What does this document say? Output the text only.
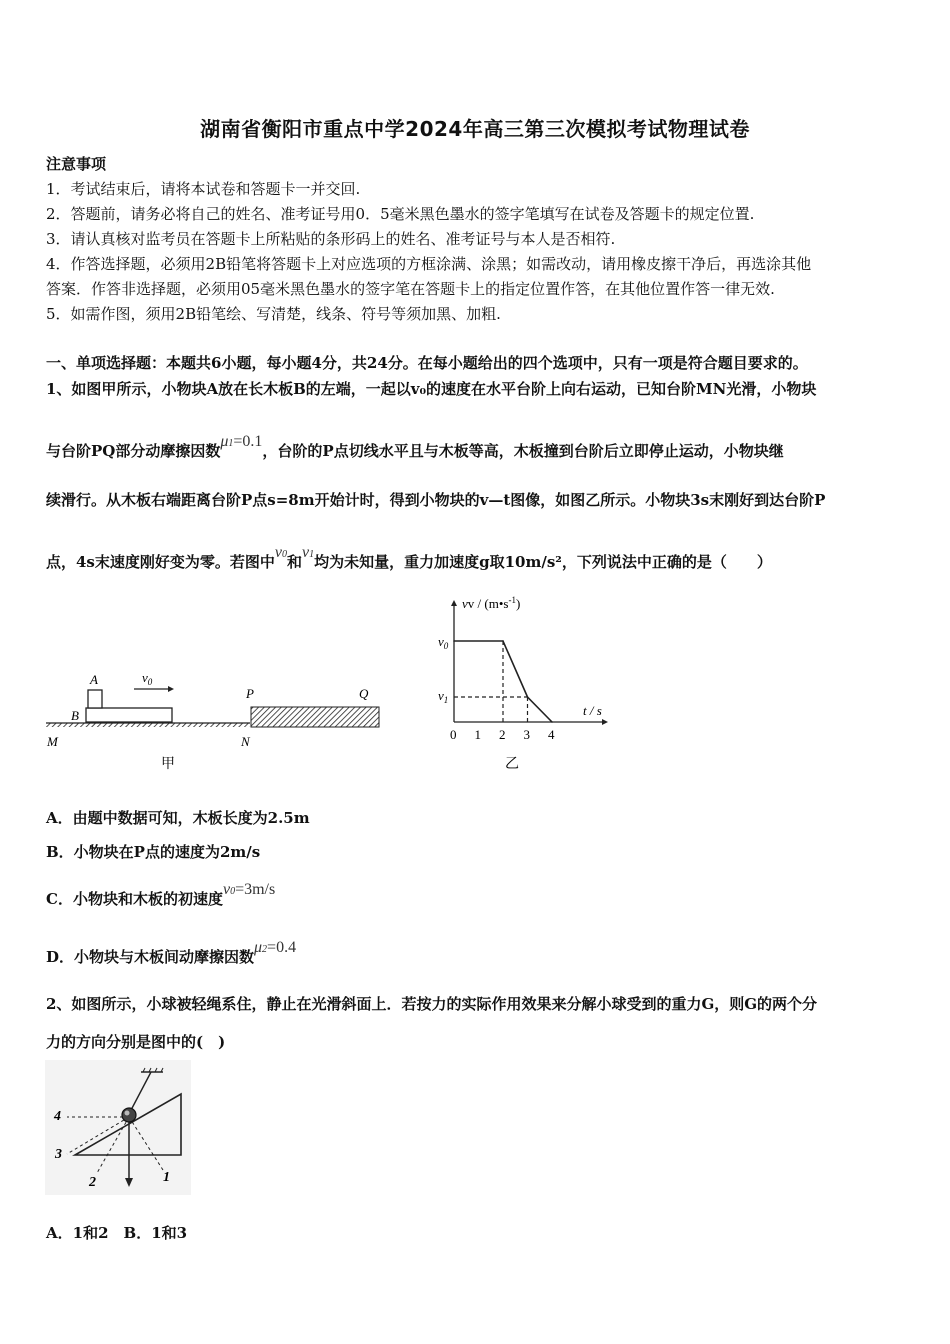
湖南省衡阳市重点中学2024年高三第三次模拟考试物理试卷
注意事项
1．考试结束后，请将本试卷和答题卡一并交回.
2．答题前，请务必将自己的姓名、准考证号用0．5毫米黑色墨水的签字笔填写在试卷及答题卡的规定位置.
3．请认真核对监考员在答题卡上所粘贴的条形码上的姓名、准考证号与本人是否相符.
4．作答选择题，必须用2B铅笔将答题卡上对应选项的方框涂满、涂黑；如需改动，请用橡皮擦干净后，再选涂其他
答案．作答非选择题，必须用05毫米黑色墨水的签字笔在答题卡上的指定位置作答，在其他位置作答一律无效.
5．如需作图，须用2B铅笔绘、写清楚，线条、符号等须加黑、加粗.
一、单项选择题：本题共6小题，每小题4分，共24分。在每小题给出的四个选项中，只有一项是符合题目要求的。
1、如图甲所示，小物块A放在长木板B的左端，一起以v₀的速度在水平台阶上向右运动，已知台阶MN光滑，小物块
与台阶PQ部分动摩擦因数μ1=0.1，台阶的P点切线水平且与木板等高，木板撞到台阶后立即停止运动，小物块继
续滑行。从木板右端距离台阶P点s=8m开始计时，得到小物块的v—t图像，如图乙所示。小物块3s末刚好到达台阶P
点，4s末速度刚好变为零。若图中v0和v1均为未知量，重力加速度g取10m/s²，下列说法中正确的是（　　）
$v_0$
A
B
M	N
P	Q
甲
vv / $(m•s^{-1})$
t / s
$v_0$
$v_1$
0 1 2 3 4
乙
A．由题中数据可知，木板长度为2.5m
B．小物块在P点的速度为2m/s
C．小物块和木板的初速度v0=3m/s
D．小物块与木板间动摩擦因数μ2=0.4
2、如图所示，小球被轻绳系住，静止在光滑斜面上．若按力的实际作用效果来分解小球受到的重力G，则G的两个分
力的方向分别是图中的(　)
4
3
2	1
A．1和2　B．1和3
